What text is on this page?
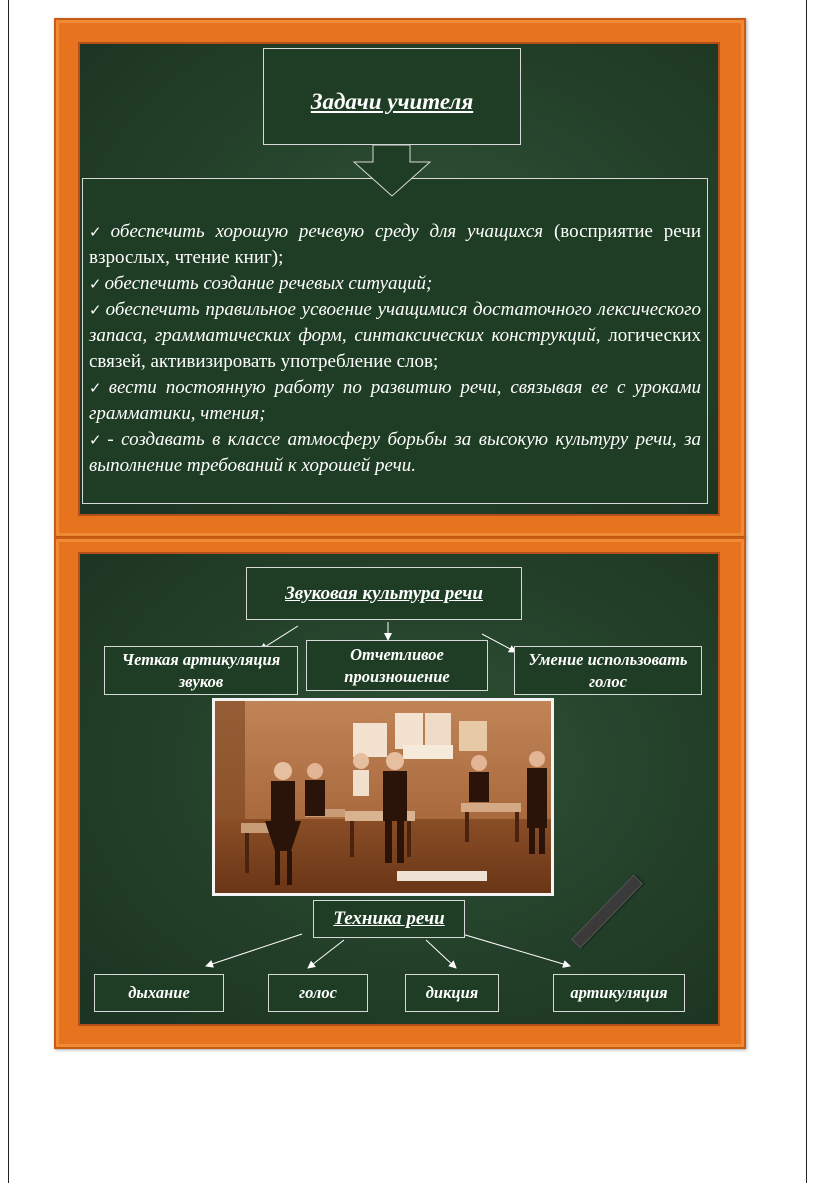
Задачи учителя

✓ обеспечить хорошую речевую среду для учащихся (восприятие речи взрослых, чтение книг);

✓ обеспечить создание речевых ситуаций;

✓ обеспечить правильное усвоение учащимися достаточного лексического запаса, грамматических форм, синтаксических конструкций, логических связей, активизировать употребление слов;

✓ вести постоянную работу по развитию речи, связывая ее с уроками грамматики, чтения;

✓ - создавать в классе атмосферу борьбы за высокую культуру речи, за выполнение требований к хорошей речи.

Звуковая культура речи
Четкая артикуляция звуков
Отчетливое произношение
Умение использовать голос
Техника речи
дыхание	голос	дикция	артикуляция
